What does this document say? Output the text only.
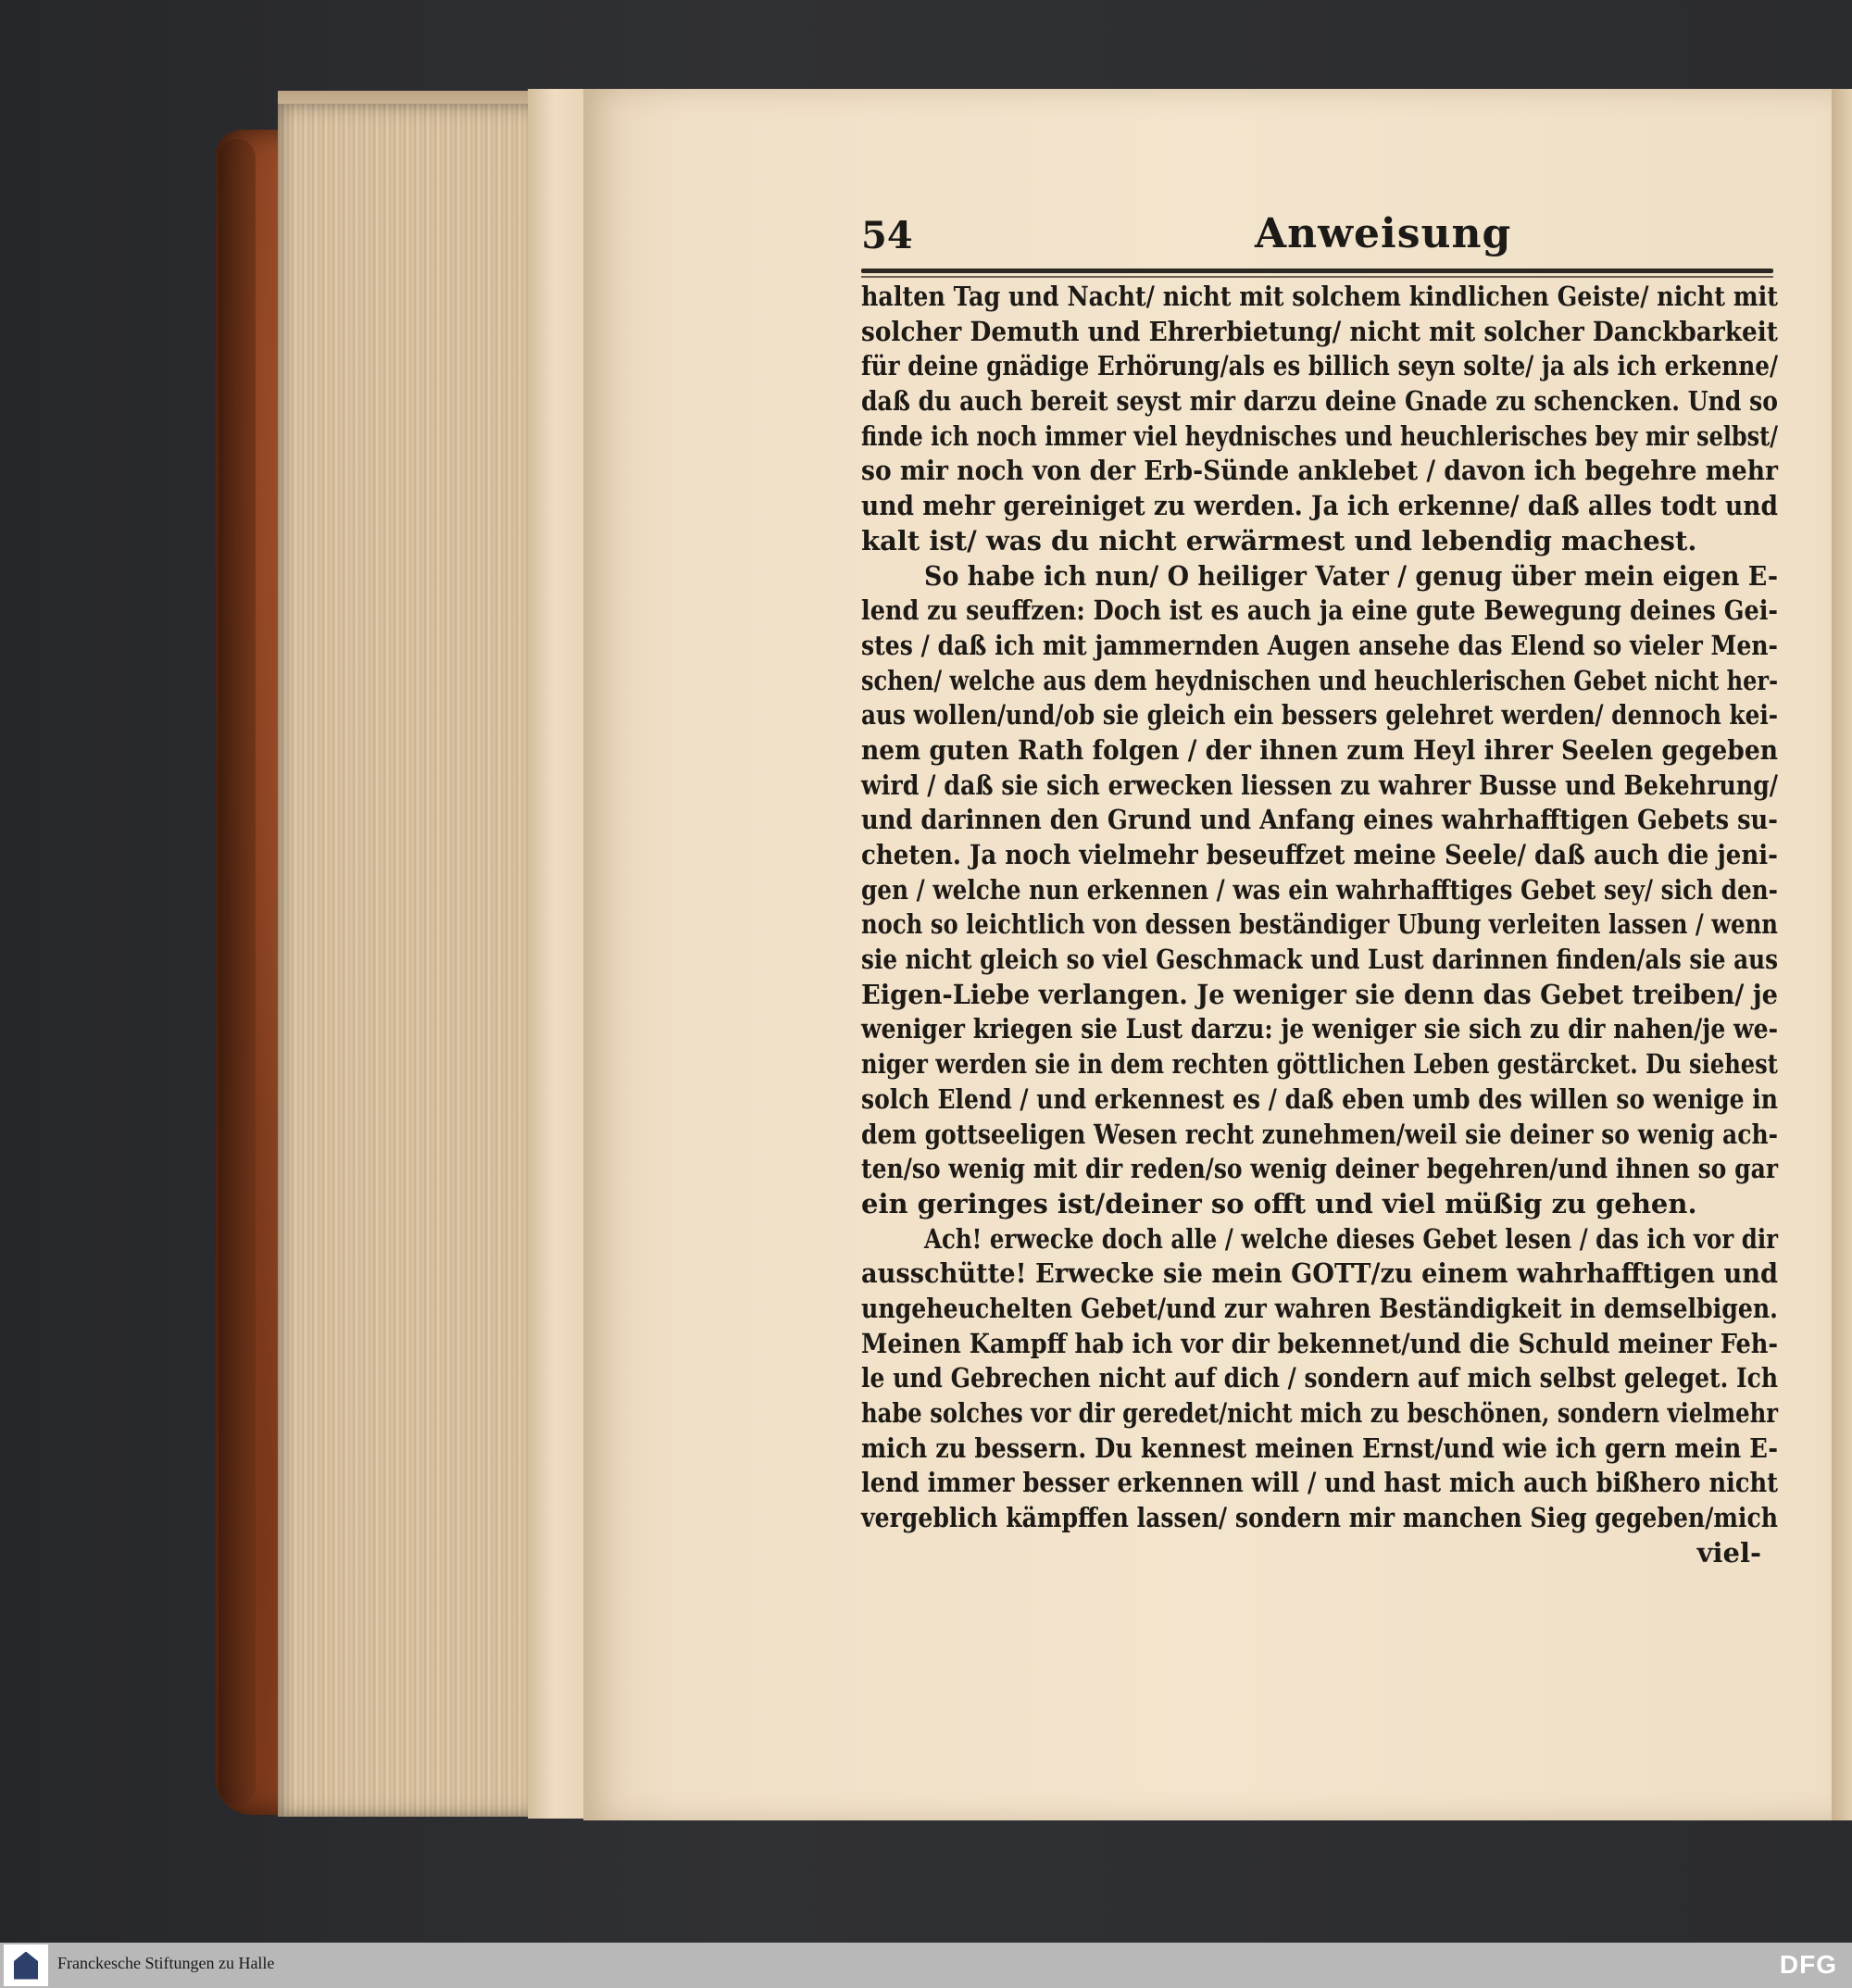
54	Anweisung
halten Tag und Nacht/ nicht mit solchem kindlichen Geiste/ nicht mit
solcher Demuth und Ehrerbietung/ nicht mit solcher Danckbarkeit
für deine gnädige Erhörung/als es billich seyn solte/ ja als ich erkenne/
daß du auch bereit seyst mir darzu deine Gnade zu schencken. Und so
finde ich noch immer viel heydnisches und heuchlerisches bey mir selbst/
so mir noch von der Erb-Sünde anklebet / davon ich begehre mehr
und mehr gereiniget zu werden. Ja ich erkenne/ daß alles todt und
kalt ist/ was du nicht erwärmest und lebendig machest.
So habe ich nun/ O heiliger Vater / genug über mein eigen E-
lend zu seuffzen: Doch ist es auch ja eine gute Bewegung deines Gei-
stes / daß ich mit jammernden Augen ansehe das Elend so vieler Men-
schen/ welche aus dem heydnischen und heuchlerischen Gebet nicht her-
aus wollen/und/ob sie gleich ein bessers gelehret werden/ dennoch kei-
nem guten Rath folgen / der ihnen zum Heyl ihrer Seelen gegeben
wird / daß sie sich erwecken liessen zu wahrer Busse und Bekehrung/
und darinnen den Grund und Anfang eines wahrhafftigen Gebets su-
cheten. Ja noch vielmehr beseuffzet meine Seele/ daß auch die jeni-
gen / welche nun erkennen / was ein wahrhafftiges Gebet sey/ sich den-
noch so leichtlich von dessen beständiger Ubung verleiten lassen / wenn
sie nicht gleich so viel Geschmack und Lust darinnen finden/als sie aus
Eigen-Liebe verlangen. Je weniger sie denn das Gebet treiben/ je
weniger kriegen sie Lust darzu: je weniger sie sich zu dir nahen/je we-
niger werden sie in dem rechten göttlichen Leben gestärcket. Du siehest
solch Elend / und erkennest es / daß eben umb des willen so wenige in
dem gottseeligen Wesen recht zunehmen/weil sie deiner so wenig ach-
ten/so wenig mit dir reden/so wenig deiner begehren/und ihnen so gar
ein geringes ist/deiner so offt und viel müßig zu gehen.
Ach! erwecke doch alle / welche dieses Gebet lesen / das ich vor dir
ausschütte! Erwecke sie mein GOTT/zu einem wahrhafftigen und
ungeheuchelten Gebet/und zur wahren Beständigkeit in demselbigen.
Meinen Kampff hab ich vor dir bekennet/und die Schuld meiner Feh-
le und Gebrechen nicht auf dich / sondern auf mich selbst geleget. Ich
habe solches vor dir geredet/nicht mich zu beschönen, sondern vielmehr
mich zu bessern. Du kennest meinen Ernst/und wie ich gern mein E-
lend immer besser erkennen will / und hast mich auch bißhero nicht
vergeblich kämpffen lassen/ sondern mir manchen Sieg gegeben/mich
viel-
Franckesche Stiftungen zu Halle	DFG
